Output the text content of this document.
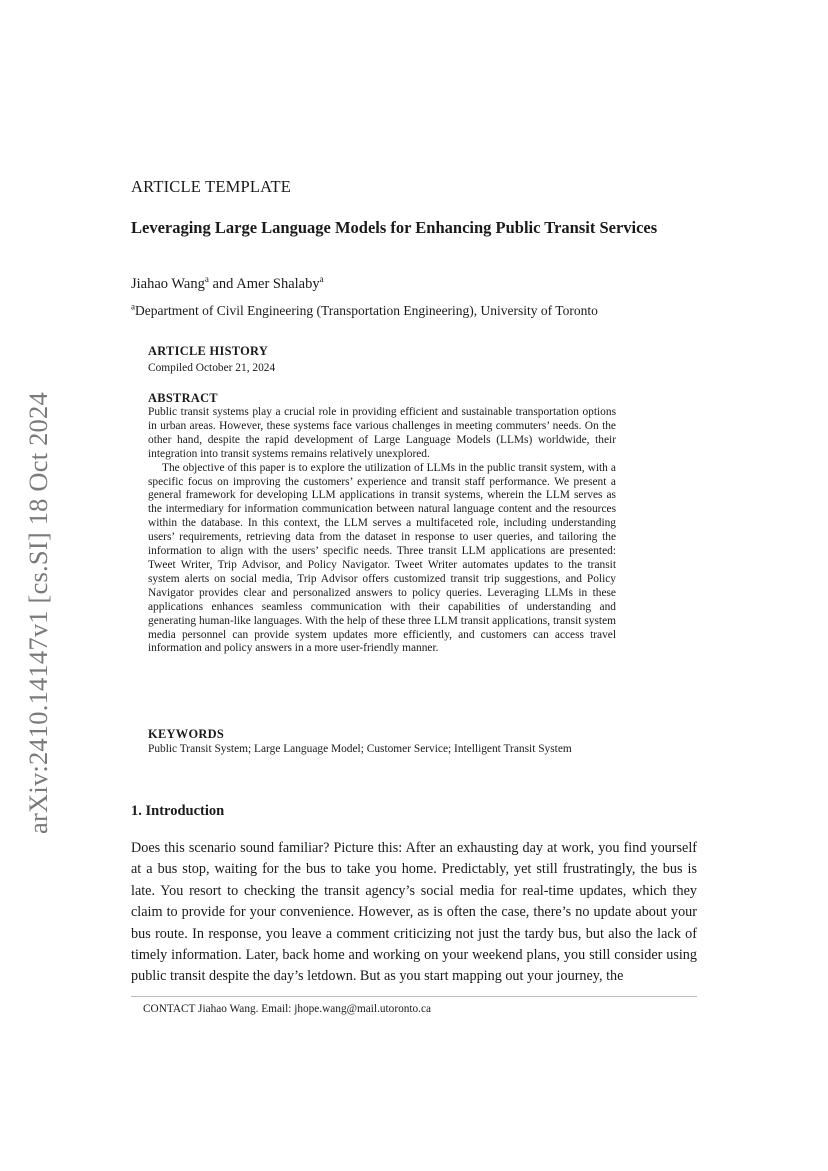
arXiv:2410.14147v1 [cs.SI] 18 Oct 2024
ARTICLE TEMPLATE
Leveraging Large Language Models for Enhancing Public Transit Services
Jiahao Wang$^a$ and Amer Shalaby$^a$
$^a$Department of Civil Engineering (Transportation Engineering), University of Toronto
ARTICLE HISTORY
Compiled October 21, 2024
ABSTRACT

Public transit systems play a crucial role in providing efficient and sustainable transportation options in urban areas. However, these systems face various challenges in meeting commuters’ needs. On the other hand, despite the rapid development of Large Language Models (LLMs) worldwide, their integration into transit systems remains relatively unexplored.

The objective of this paper is to explore the utilization of LLMs in the public transit system, with a specific focus on improving the customers’ experience and transit staff performance. We present a general framework for developing LLM applications in transit systems, wherein the LLM serves as the intermediary for information communication between natural language content and the resources within the database. In this context, the LLM serves a multifaceted role, including understanding users’ requirements, retrieving data from the dataset in response to user queries, and tailoring the information to align with the users’ specific needs. Three transit LLM applications are presented: Tweet Writer, Trip Advisor, and Policy Navigator. Tweet Writer automates updates to the transit system alerts on social media, Trip Advisor offers customized transit trip suggestions, and Policy Navigator provides clear and personalized answers to policy queries. Leveraging LLMs in these applications enhances seamless communication with their capabilities of understanding and generating human-like languages. With the help of these three LLM transit applications, transit system media personnel can provide system updates more efficiently, and customers can access travel information and policy answers in a more user-friendly manner.

KEYWORDS
Public Transit System; Large Language Model; Customer Service; Intelligent Transit System
1. Introduction

Does this scenario sound familiar? Picture this: After an exhausting day at work, you find yourself at a bus stop, waiting for the bus to take you home. Predictably, yet still frustratingly, the bus is late. You resort to checking the transit agency’s social media for real-time updates, which they claim to provide for your convenience. However, as is often the case, there’s no update about your bus route. In response, you leave a comment criticizing not just the tardy bus, but also the lack of timely information. Later, back home and working on your weekend plans, you still consider using public transit despite the day’s letdown. But as you start mapping out your journey, the

CONTACT Jiahao Wang. Email: jhope.wang@mail.utoronto.ca
